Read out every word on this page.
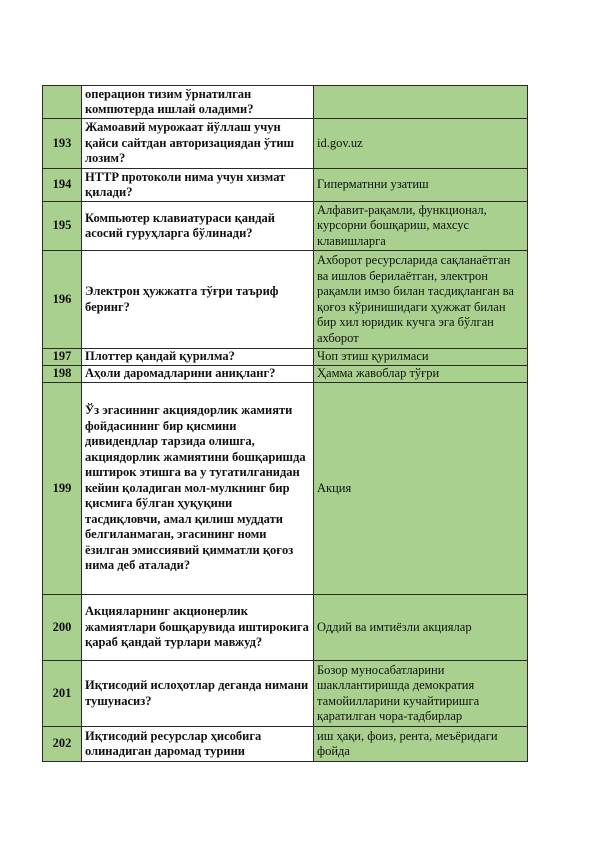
	операцион тизим ўрнатилган компютерда ишлай оладими?	
193	Жамоавий мурожаат йўллаш учун қайси сайтдан авторизациядан ўтиш лозим?	id.gov.uz
194	HTTP протоколи нима учун хизмат қилади?	Гиперматнни узатиш
195	Компьютер клавиатураси қандай асосий гуруҳларга бўлинади?	Алфавит-рақамли, функционал, курсорни бошқариш, махсус клавишларга
196	Электрон ҳужжатга тўғри таъриф беринг?	Ахборот ресурсларида сақланаётган ва ишлов берилаётган, электрон рақамли имзо билан тасдиқланган ва қоғоз кўринишидаги ҳужжат билан бир хил юридик кучга эга бўлган ахборот
197	Плоттер қандай қурилма?	Чоп этиш қурилмаси
198	Аҳоли даромадларини аниқланг?	Ҳамма жавоблар тўғри
199	Ўз эгасининг акциядорлик жамияти фойдасининг бир қисмини дивидендлар тарзида олишга, акциядорлик жамиятини бошқаришда иштирок этишга ва у тугатилганидан кейин қоладиган мол-мулкнинг бир қисмига бўлган ҳуқуқини тасдиқловчи, амал қилиш муддати белгиланмаган, эгасининг номи ёзилган эмиссиявий қимматли қоғоз нима деб аталади?	Акция
200	Акцияларнинг акционерлик жамиятлари бошқарувида иштирокига қараб қандай турлари мавжуд?	Оддий ва имтиёзли акциялар
201	Иқтисодий ислоҳотлар деганда нимани тушунасиз?	Бозор муносабатларини шакллантиришда демократия тамойилларини кучайтиришга қаратилган чора-тадбирлар
202	Иқтисодий ресурслар ҳисобига олинадиган даромад турини	иш ҳақи, фоиз, рента, меъёридаги фойда
